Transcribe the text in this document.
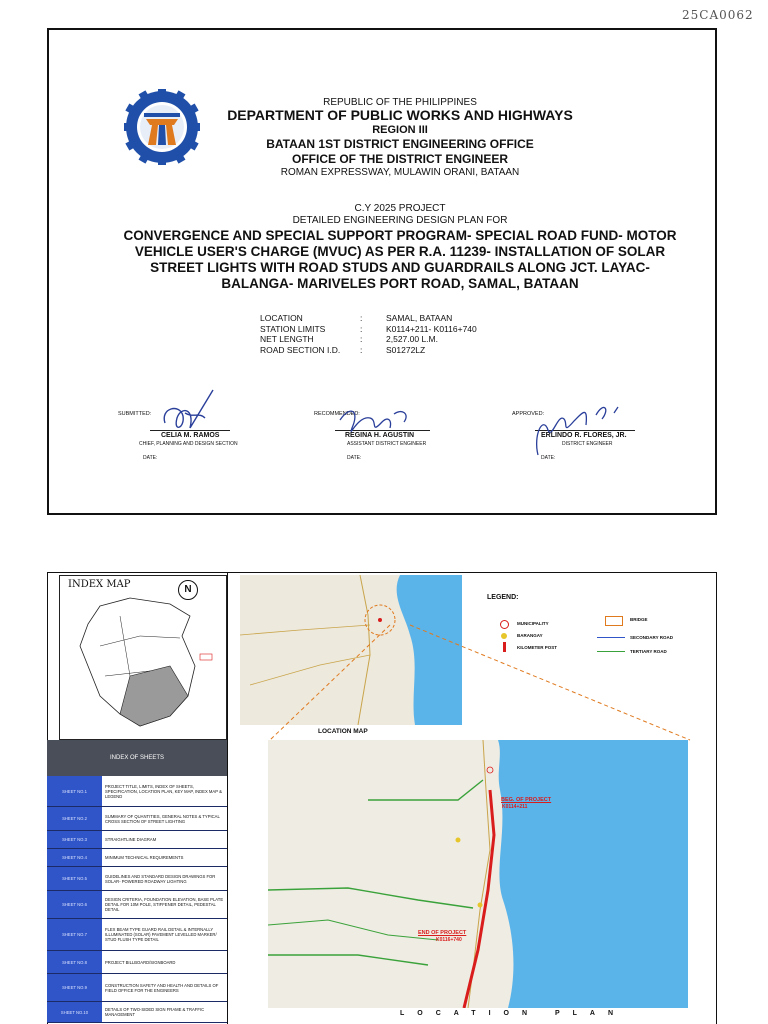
25CA0062
REPUBLIC OF THE PHILIPPINES
DEPARTMENT OF PUBLIC WORKS AND HIGHWAYS
REGION III
BATAAN 1ST DISTRICT ENGINEERING OFFICE
OFFICE OF THE DISTRICT ENGINEER
ROMAN EXPRESSWAY, MULAWIN ORANI, BATAAN
C.Y 2025 PROJECT
DETAILED ENGINEERING DESIGN PLAN FOR
CONVERGENCE AND SPECIAL SUPPORT PROGRAM- SPECIAL ROAD FUND- MOTOR
VEHICLE USER'S CHARGE (MVUC) AS PER R.A. 11239- INSTALLATION OF SOLAR
STREET LIGHTS WITH ROAD STUDS AND GUARDRAILS ALONG JCT. LAYAC-
BALANGA- MARIVELES PORT ROAD, SAMAL, BATAAN
LOCATION	:	SAMAL, BATAAN
STATION LIMITS	:	K0114+211- K0116+740
NET LENGTH	:	2,527.00 L.M.
ROAD SECTION I.D.	:	S01272LZ
SUBMITTED:
CELIA M. RAMOS
CHIEF, PLANNING AND DESIGN SECTION
DATE:
RECOMMENDED:
REGINA H. AGUSTIN
ASSISTANT DISTRICT ENGINEER
DATE:
APPROVED:
ERLINDO R. FLORES, JR.
DISTRICT ENGINEER
DATE:
INDEX MAP	N
LOCATION MAP
LEGEND:
MUNICIPALITY
BARANGAY
KILOMETER POST
BRIDGE
SECONDARY ROAD
TERTIARY ROAD
BEG. OF PROJECT
K0114+211
END OF PROJECT
K0116+740
LOCATION PLAN
INDEX OF SHEETS
SHEET NO.1
PROJECT TITLE, LIMITS, INDEX OF SHEETS, SPECIFICATION, LOCATION PLAN, KEY MAP, INDEX MAP & LEGEND
SHEET NO.2	SUMMARY OF QUANTITIES, GENERAL NOTES & TYPICAL CROSS SECTION OF STREET LIGHTING
SHEET NO.3	STRAIGHTLINE DIAGRAM
SHEET NO.4	MINIMUM TECHNICAL REQUIREMENTS
SHEET NO.5	GUIDELINES AND STANDARD DESIGN DRAWINGS FOR SOLAR- POWERED ROADWAY LIGHTING
SHEET NO.6
DESIGN CRITERIA, FOUNDATION ELEVATION, BASE PLATE DETAIL FOR 10M POLE, STIFFENER DETAIL, PEDESTAL DETAIL
SHEET NO.7
FLEX BEAM TYPE GUARD RAIL DETAIL & INTERNALLY ILLUMINATED (SOLAR) PAVEMENT LEVELLED MARKER/ STUD FLUSH TYPE DETAIL
SHEET NO.8	PROJECT BILLBOARD/SIGNBOARD
SHEET NO.9	CONSTRUCTION SAFETY AND HEALTH AND DETAILS OF FIELD OFFICE FOR THE ENGINEERS
SHEET NO.10	DETAILS OF TWO-SIDED SIGN FRAME & TRAFFIC MANAGEMENT
